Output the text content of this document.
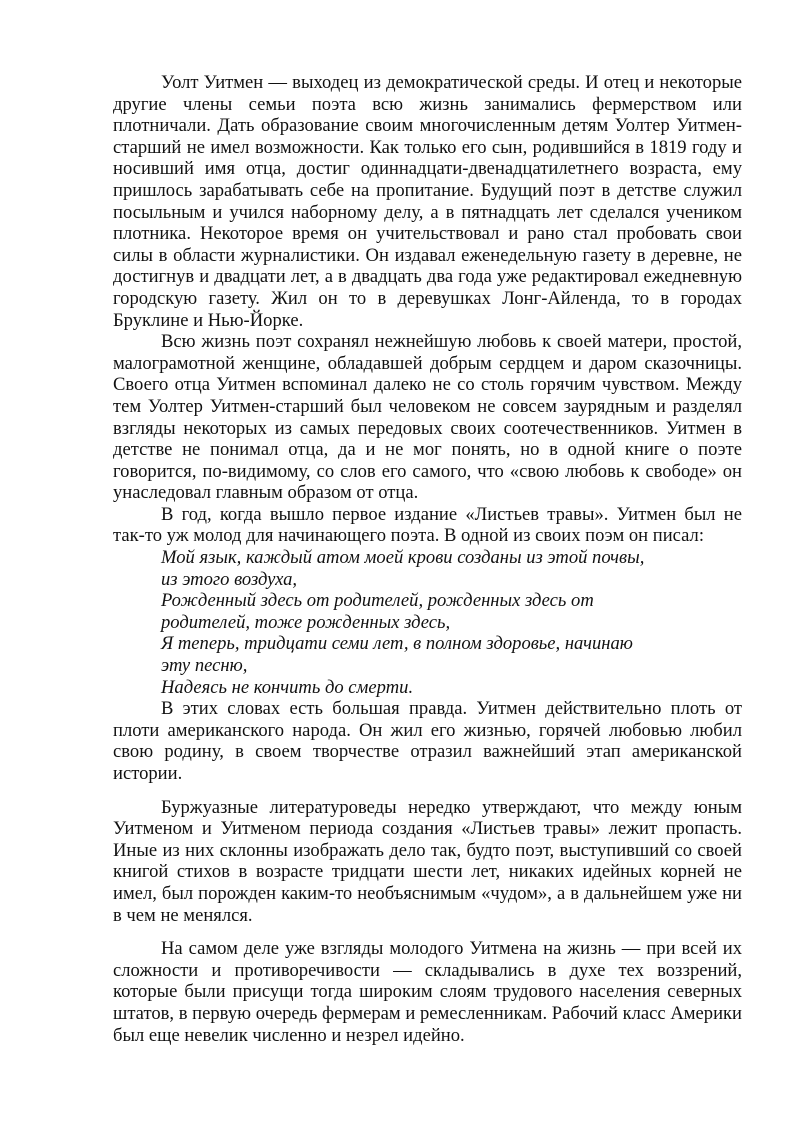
Уолт Уитмен — выходец из демократической среды. И отец и некоторые другие члены семьи поэта всю жизнь занимались фермерством или плотничали. Дать образование своим многочисленным детям Уолтер Уитмен-старший не имел возможности. Как только его сын, родившийся в 1819 году и носивший имя отца, достиг одиннадцати-двенадцатилетнего возраста, ему пришлось зарабатывать себе на пропитание. Будущий поэт в детстве служил посыльным и учился наборному делу, а в пятнадцать лет сделался учеником плотника. Некоторое время он учительствовал и рано стал пробовать свои силы в области журналистики. Он издавал еженедельную газету в деревне, не достигнув и двадцати лет, а в двадцать два года уже редактировал ежедневную городскую газету. Жил он то в деревушках Лонг-Айленда, то в городах Бруклине и Нью-Йорке.

Всю жизнь поэт сохранял нежнейшую любовь к своей матери, простой, малограмотной женщине, обладавшей добрым сердцем и даром сказочницы. Своего отца Уитмен вспоминал далеко не со столь горячим чувством. Между тем Уолтер Уитмен-старший был человеком не совсем заурядным и разделял взгляды некоторых из самых передовых своих соотечественников. Уитмен в детстве не понимал отца, да и не мог понять, но в одной книге о поэте говорится, по-видимому, со слов его самого, что «свою любовь к свободе» он унаследовал главным образом от отца.

В год, когда вышло первое издание «Листьев травы». Уитмен был не так-то уж молод для начинающего поэта. В одной из своих поэм он писал:

Мой язык, каждый атом моей крови созданы из этой почвы,
из этого воздуха,
Рожденный здесь от родителей, рожденных здесь от
родителей, тоже рожденных здесь,
Я теперь, тридцати семи лет, в полном здоровье, начинаю
эту песню,
Надеясь не кончить до смерти.

В этих словах есть большая правда. Уитмен действительно плоть от плоти американского народа. Он жил его жизнью, горячей любовью любил свою родину, в своем творчестве отразил важнейший этап американской истории.

Буржуазные литературоведы нередко утверждают, что между юным Уитменом и Уитменом периода создания «Листьев травы» лежит пропасть. Иные из них склонны изображать дело так, будто поэт, выступивший со своей книгой стихов в возрасте тридцати шести лет, никаких идейных корней не имел, был порожден каким-то необъяснимым «чудом», а в дальнейшем уже ни в чем не менялся.

На самом деле уже взгляды молодого Уитмена на жизнь — при всей их сложности и противоречивости — складывались в духе тех воззрений, которые были присущи тогда широким слоям трудового населения северных штатов, в первую очередь фермерам и ремесленникам. Рабочий класс Америки был еще невелик численно и незрел идейно.
